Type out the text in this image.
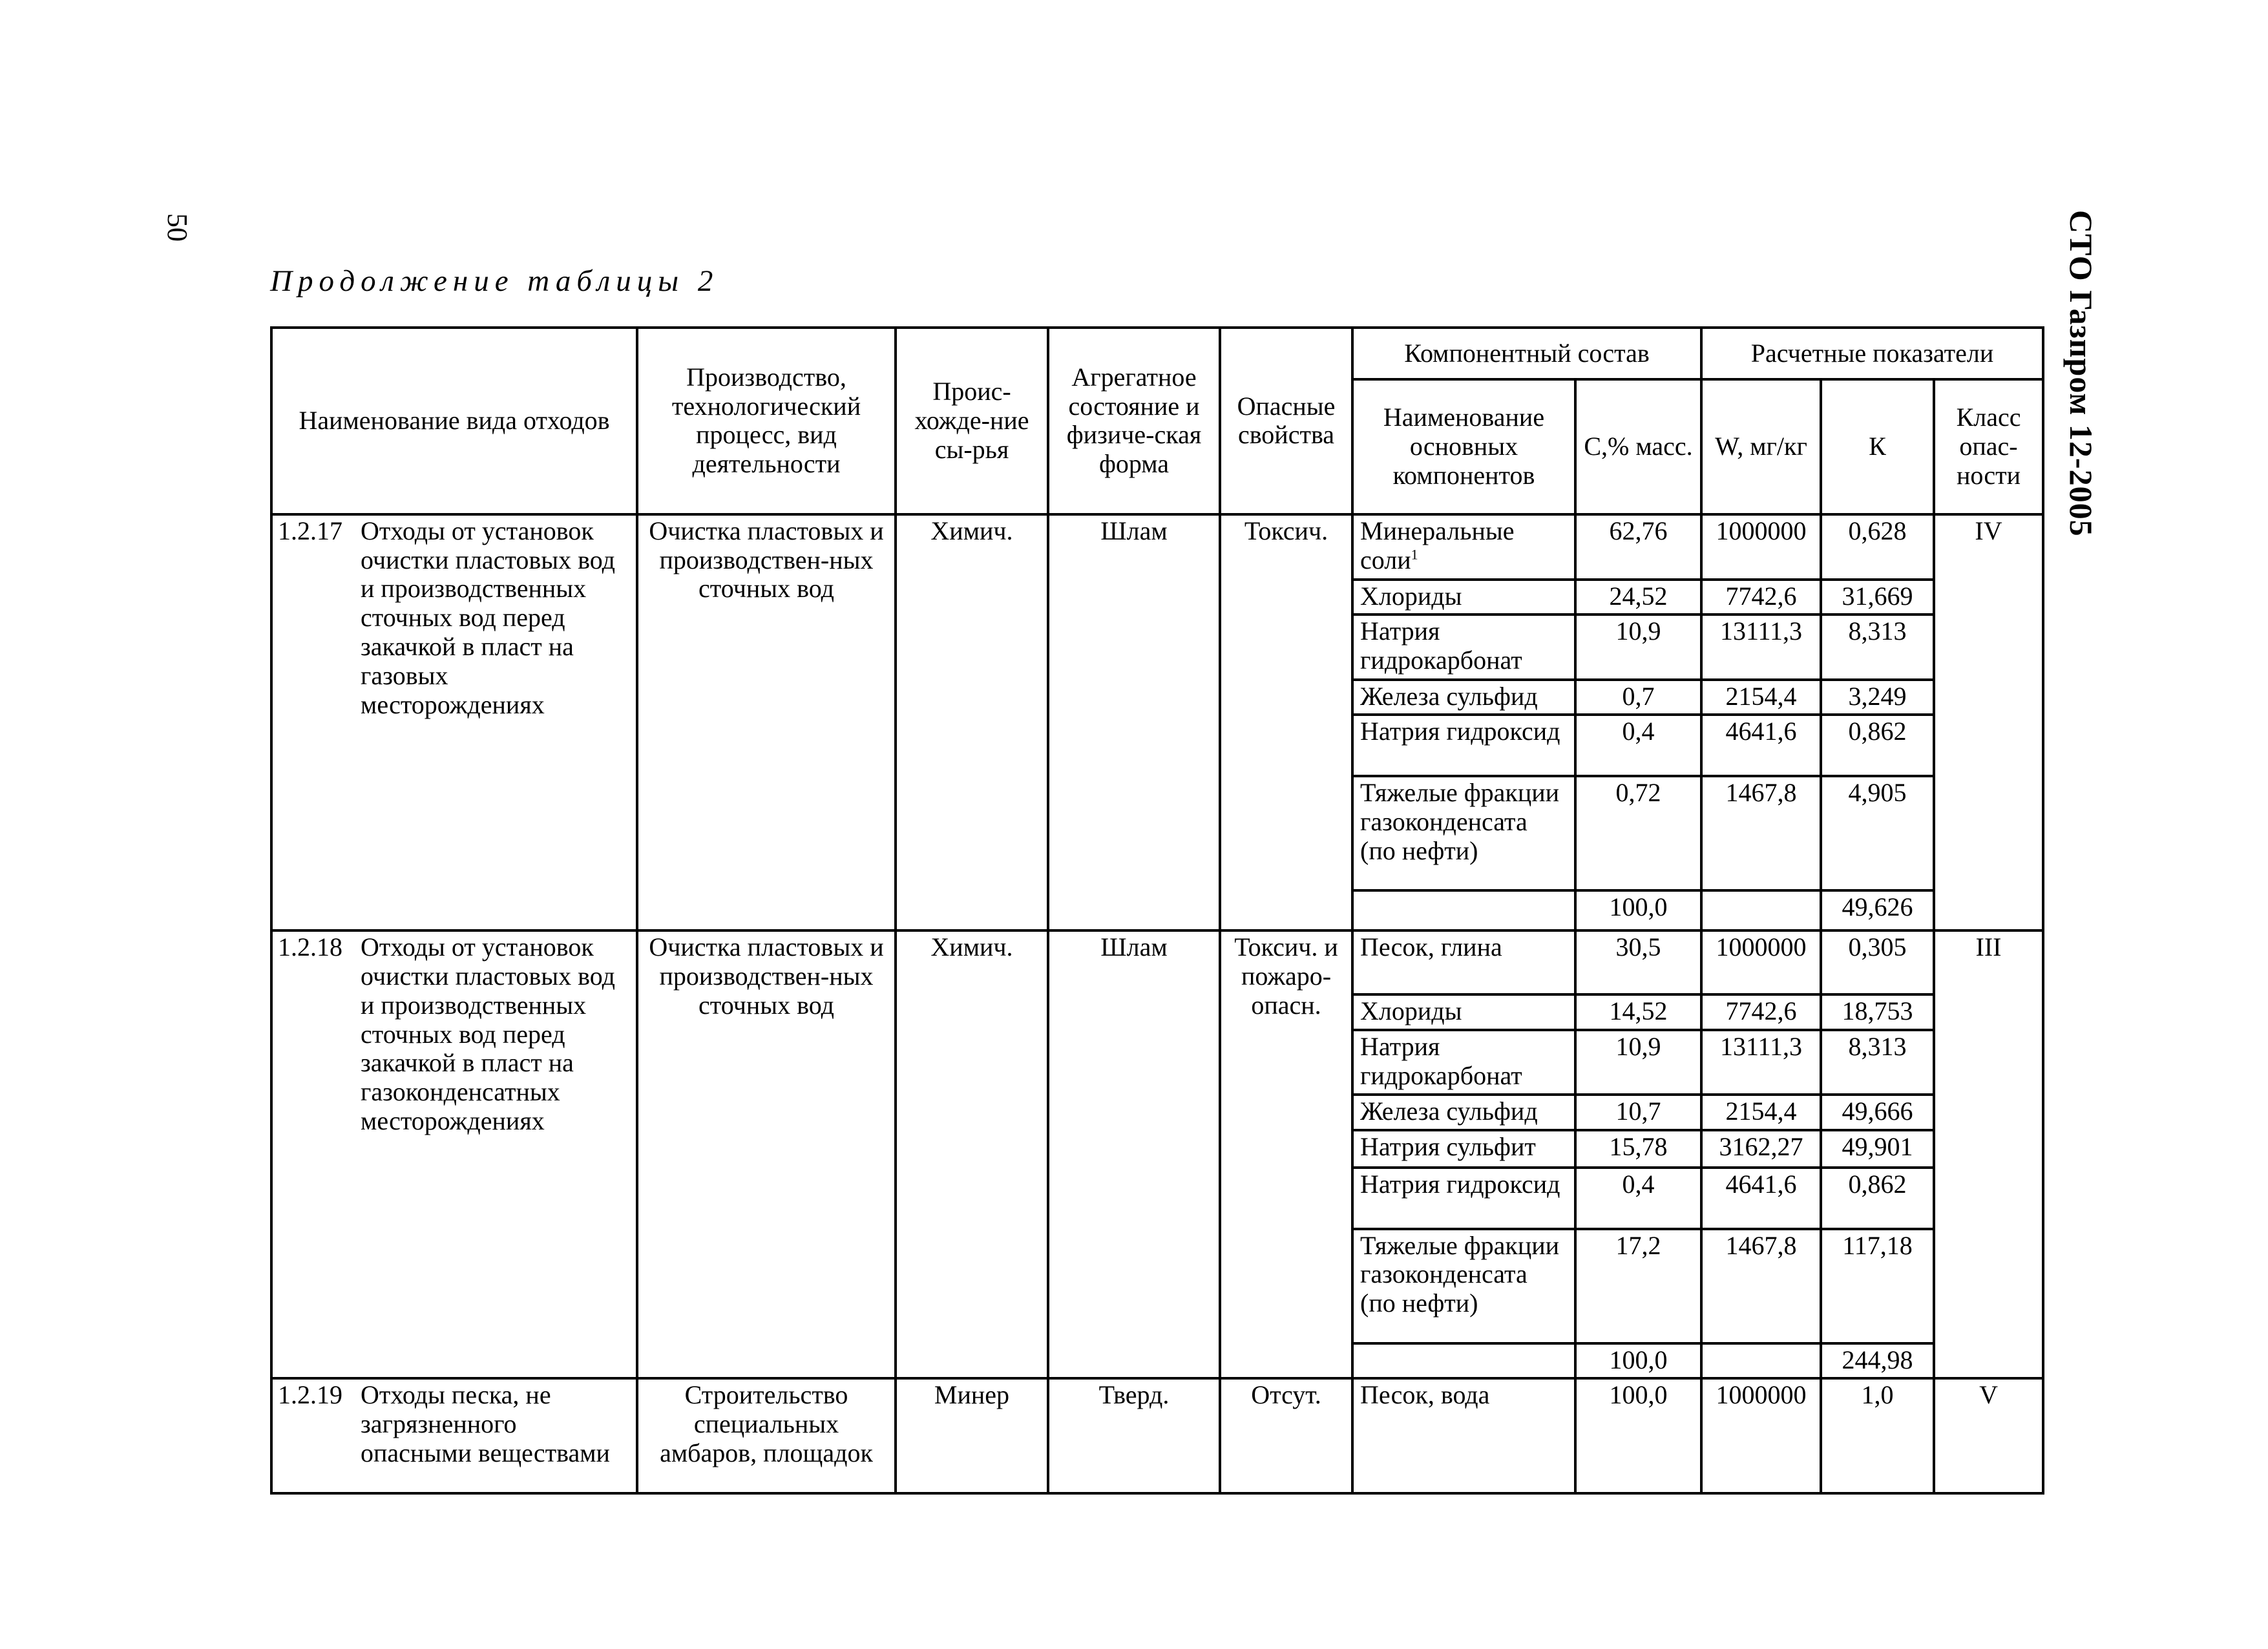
50	СТО Газпром 12-2005
Продолжение таблицы 2
Наименование вида отходов	Производство, технологический процесс, вид деятельности	Проис-хожде-ние сы-рья	Агрегатное состояние и физиче-ская форма	Опасные свойства	Компонентный состав		Расчетные показатели		
					Наименование основных компонентов	С,% масс.	W, мг/кг	К	Класс опас-ности

1.2.17 Отходы от установок очистки пластовых вод и производственных сточных вод перед закачкой в пласт на газовых месторождениях	Очистка пластовых и производствен-ных сточных вод	Химич.	Шлам	Токсич.	Минеральные соли$^1$	62,76	1000000	0,628	IV
					Хлориды	24,52	7742,6	31,669	
					Натрия гидрокарбонат	10,9	13111,3	8,313	
					Железа сульфид	0,7	2154,4	3,249	
					Натрия гидроксид	0,4	4641,6	0,862	
					Тяжелые фракции газоконденсата (по нефти)	0,72	1467,8	4,905	
						100,0		49,626	

1.2.18 Отходы от установок очистки пластовых вод и производственных сточных вод перед закачкой в пласт на газоконденсатных месторождениях	Очистка пластовых и производствен-ных сточных вод	Химич.	Шлам	Токсич. и пожаро-опасн.	Песок, глина	30,5	1000000	0,305	III
					Хлориды	14,52	7742,6	18,753	
					Натрия гидрокарбонат	10,9	13111,3	8,313	
					Железа сульфид	10,7	2154,4	49,666	
					Натрия сульфит	15,78	3162,27	49,901	
					Натрия гидроксид	0,4	4641,6	0,862	
					Тяжелые фракции газоконденсата (по нефти)	17,2	1467,8	117,18	
						100,0		244,98	

1.2.19 Отходы песка, не загрязненного опасными веществами	Строительство специальных амбаров, площадок	Минер	Тверд.	Отсут.	Песок, вода	100,0	1000000	1,0	V
